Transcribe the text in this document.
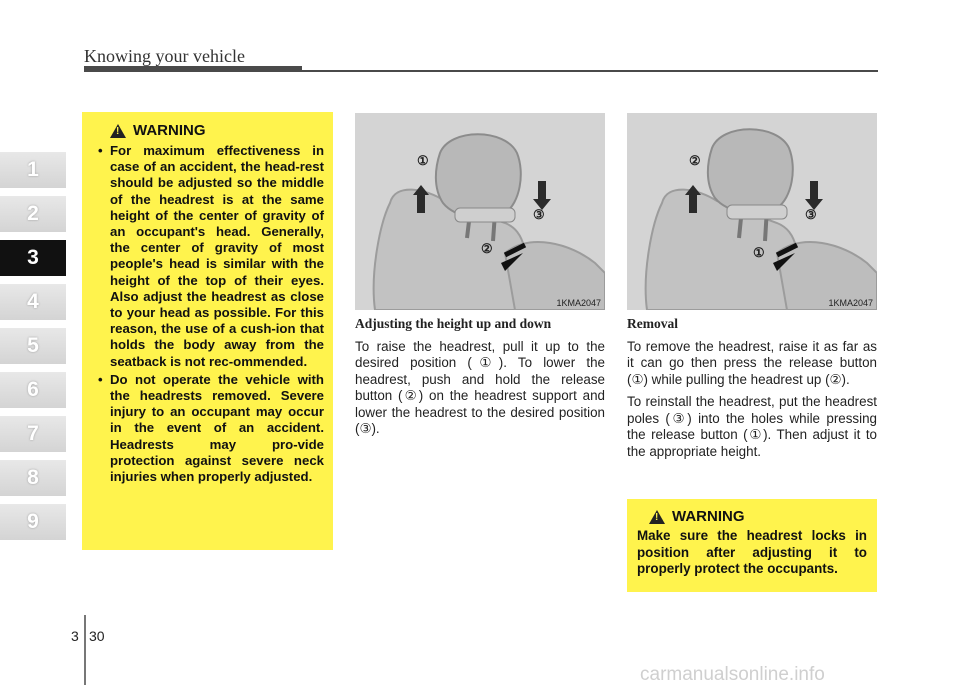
Knowing your vehicle
1
2
3
4
5
6
7
8
9
!
WARNING
• For maximum effectiveness in case of an accident, the head-rest should be adjusted so the middle of the headrest is at the same height of the center of gravity of an occupant's head. Generally, the center of gravity of most people's head is similar with the height of the top of their eyes. Also adjust the headrest as close to your head as possible. For this reason, the use of a cush-ion that holds the body away from the seatback is not rec-ommended.
• Do not operate the vehicle with the headrests removed. Severe injury to an occupant may occur in the event of an accident. Headrests may pro-vide protection against severe neck injuries when properly adjusted.
①
②
③
1KMA2047
②
①
③
1KMA2047
Adjusting the height up and down

To raise the headrest, pull it up to the desired position (①). To lower the headrest, push and hold the release button (②) on the headrest support and lower the headrest to the desired position (③).

Removal

To remove the headrest, raise it as far as it can go then press the release button (①) while pulling the headrest up (②).

To reinstall the headrest, put the headrest poles (③) into the holes while pressing the release button (①). Then adjust it to the appropriate height.

!
WARNING
Make sure the headrest locks in position after adjusting it to properly protect the occupants.
3 30
carmanualsonline.info
